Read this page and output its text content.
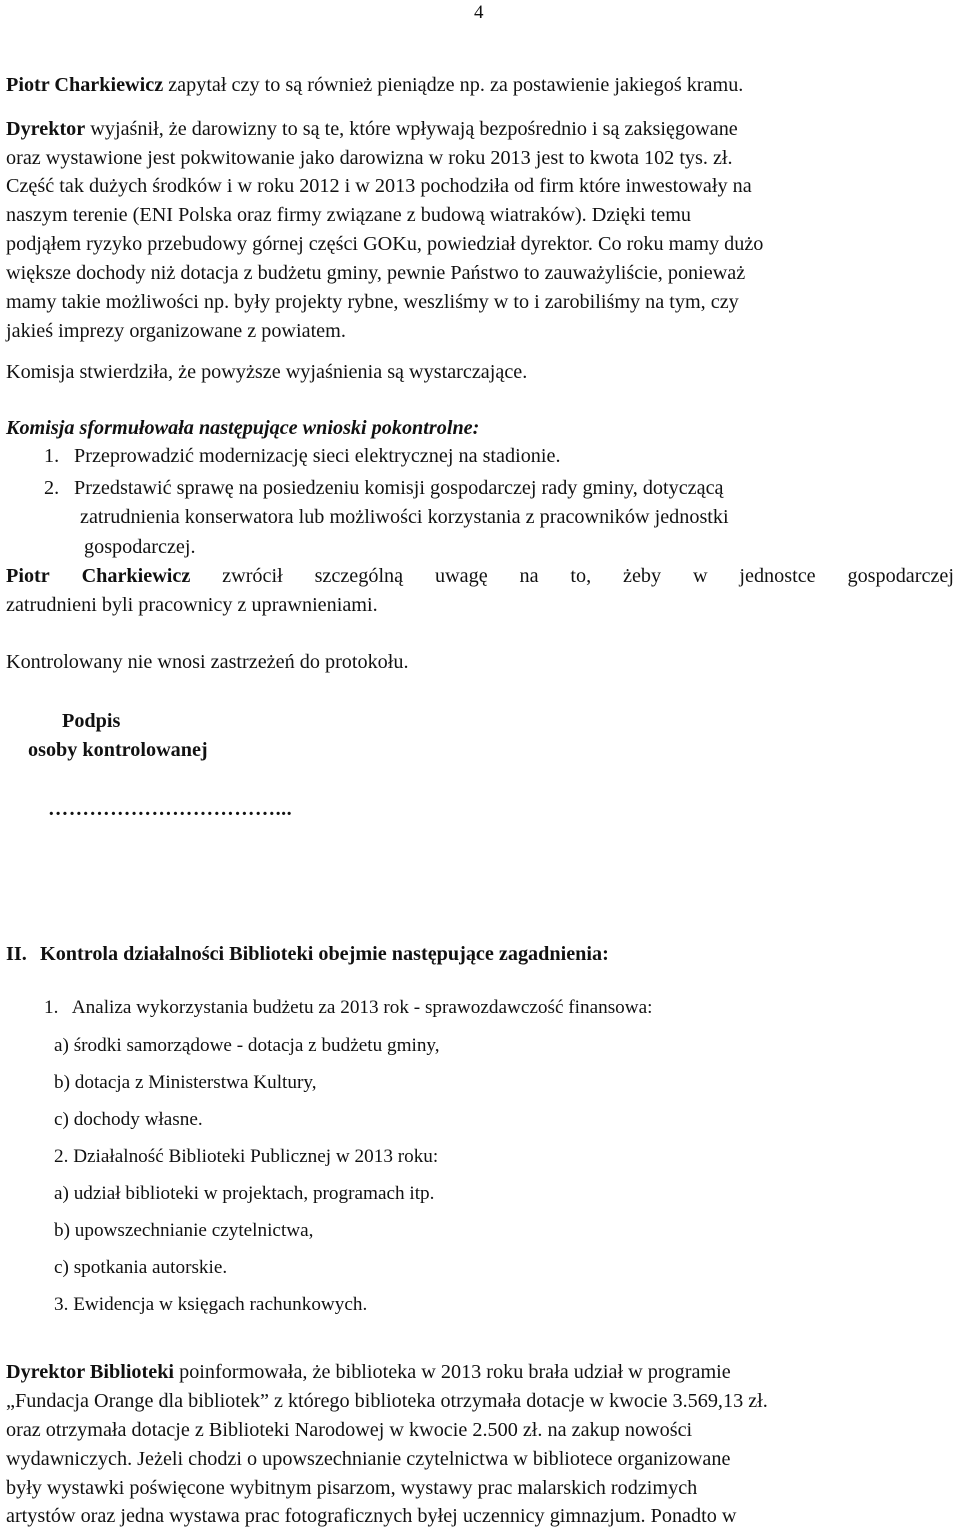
4
Piotr Charkiewicz zapytał czy to są również pieniądze np. za postawienie jakiegoś kramu.
Dyrektor wyjaśnił, że darowizny to są te, które wpływają bezpośrednio i są zaksięgowane
oraz wystawione jest pokwitowanie jako darowizna w roku 2013 jest to kwota 102 tys. zł.
Część tak dużych środków i w roku 2012 i w 2013 pochodziła od firm które inwestowały na
naszym terenie (ENI Polska oraz firmy związane z budową wiatraków). Dzięki temu
podjąłem ryzyko przebudowy górnej części GOKu, powiedział dyrektor. Co roku mamy dużo
większe dochody niż dotacja z budżetu gminy, pewnie Państwo to zauważyliście, ponieważ
mamy takie możliwości np. były projekty rybne, weszliśmy w to i zarobiliśmy na tym, czy
jakieś imprezy organizowane z powiatem.
Komisja stwierdziła, że powyższe wyjaśnienia są wystarczające.
Komisja sformułowała następujące wnioski pokontrolne:
1. Przeprowadzić modernizację sieci elektrycznej na stadionie.
2. Przedstawić sprawę na posiedzeniu komisji gospodarczej rady gminy, dotyczącą
zatrudnienia konserwatora lub możliwości korzystania z pracowników jednostki
gospodarczej.
Piotr Charkiewicz zwrócił szczególną uwagę na to, żeby w jednostce gospodarczej
zatrudnieni byli pracownicy z uprawnieniami.
Kontrolowany nie wnosi zastrzeżeń do protokołu.
Podpis
osoby kontrolowanej
……………………………...
II. Kontrola działalności Biblioteki obejmie następujące zagadnienia:
1.   Analiza wykorzystania budżetu za 2013 rok - sprawozdawczość finansowa:
a) środki samorządowe - dotacja z budżetu gminy,
b) dotacja z Ministerstwa Kultury,
c) dochody własne.
2. Działalność Biblioteki Publicznej w 2013 roku:
a) udział biblioteki w projektach, programach itp.
b) upowszechnianie czytelnictwa,
c) spotkania autorskie.
3. Ewidencja w księgach rachunkowych.
Dyrektor Biblioteki poinformowała, że biblioteka w 2013 roku brała udział w programie
„Fundacja Orange dla bibliotek” z którego biblioteka otrzymała dotacje w kwocie 3.569,13 zł.
oraz otrzymała dotacje z Biblioteki Narodowej w kwocie 2.500 zł. na zakup nowości
wydawniczych. Jeżeli chodzi o upowszechnianie czytelnictwa w bibliotece organizowane
były wystawki poświęcone wybitnym pisarzom, wystawy prac malarskich rodzimych
artystów oraz jedna wystawa prac fotograficznych byłej uczennicy gimnazjum. Ponadto w
